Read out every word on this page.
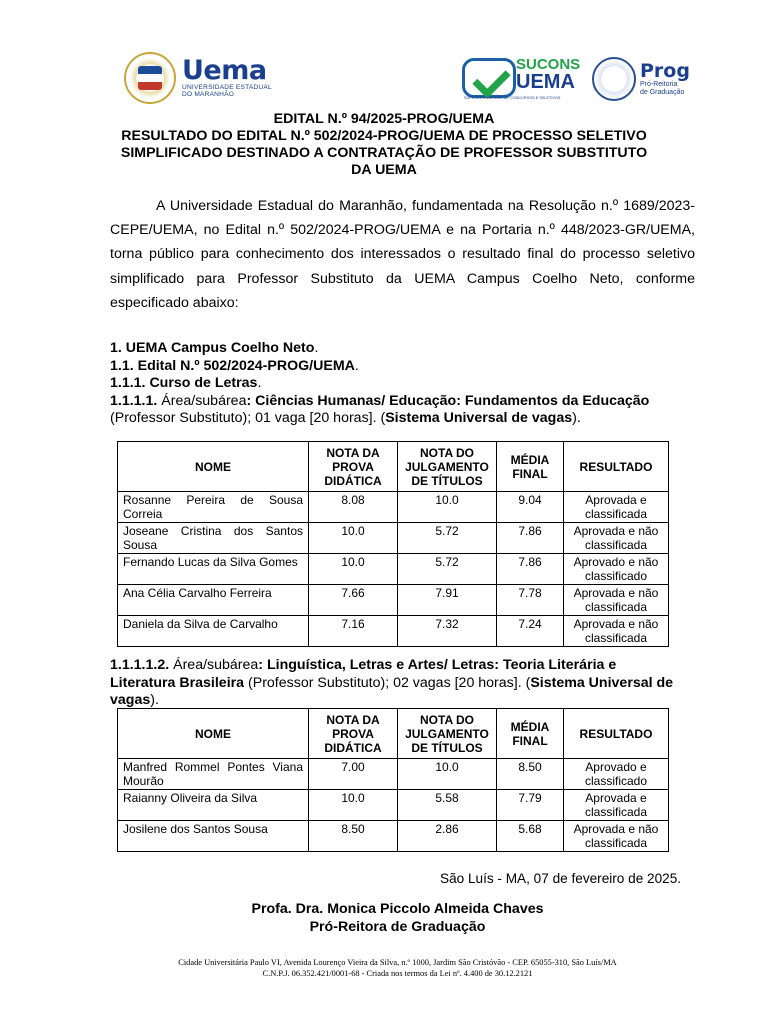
Uema
UNIVERSIDADE ESTADUAL
DO MARANHÃO
SUCONS
UEMA
SUPERINTENDÊNCIA DE CONCURSOS E SELETIVOS
Prog
Pró-Reitoria
de Graduação
EDITAL N.º 94/2025-PROG/UEMA
RESULTADO DO EDITAL N.º 502/2024-PROG/UEMA DE PROCESSO SELETIVO
SIMPLIFICADO DESTINADO A CONTRATAÇÃO DE PROFESSOR SUBSTITUTO
DA UEMA
A Universidade Estadual do Maranhão, fundamentada na Resolução n.º 1689/2023-CEPE/UEMA, no Edital n.º 502/2024-PROG/UEMA e na Portaria n.º 448/2023-GR/UEMA, torna público para conhecimento dos interessados o resultado final do processo seletivo simplificado para Professor Substituto da UEMA Campus Coelho Neto, conforme especificado abaixo:
1. UEMA Campus Coelho Neto.
1.1. Edital N.º 502/2024-PROG/UEMA.
1.1.1. Curso de Letras.
1.1.1.1. Área/subárea: Ciências Humanas/ Educação: Fundamentos da Educação (Professor Substituto); 01 vaga [20 horas]. (Sistema Universal de vagas).
NOME	NOTA DA PROVA DIDÁTICA	NOTA DO JULGAMENTO DE TÍTULOS	MÉDIA FINAL	RESULTADO
Rosanne Pereira de Sousa Correia	8.08	10.0	9.04	Aprovada e classificada
Joseane Cristina dos Santos Sousa	10.0	5.72	7.86	Aprovada e não classificada
Fernando Lucas da Silva Gomes	10.0	5.72	7.86	Aprovado e não classificado
Ana Célia Carvalho Ferreira	7.66	7.91	7.78	Aprovada e não classificada
Daniela da Silva de Carvalho	7.16	7.32	7.24	Aprovada e não classificada
1.1.1.1.2. Área/subárea: Linguística, Letras e Artes/ Letras: Teoria Literária e Literatura Brasileira (Professor Substituto); 02 vagas [20 horas]. (Sistema Universal de vagas).
NOME	NOTA DA PROVA DIDÁTICA	NOTA DO JULGAMENTO DE TÍTULOS	MÉDIA FINAL	RESULTADO
Manfred Rommel Pontes Viana Mourão	7.00	10.0	8.50	Aprovado e classificado
Raianny Oliveira da Silva	10.0	5.58	7.79	Aprovada e classificada
Josilene dos Santos Sousa	8.50	2.86	5.68	Aprovada e não classificada
São Luís - MA, 07 de fevereiro de 2025.
Profa. Dra. Monica Piccolo Almeida Chaves
Pró-Reitora de Graduação
Cidade Universitária Paulo VI, Avenida Lourenço Vieira da Silva, n.º 1000, Jardim São Cristóvão - CEP. 65055-310, São Luís/MA
C.N.P.J. 06.352.421/0001-68 - Criada nos termos da Lei nº. 4.400 de 30.12.2121
